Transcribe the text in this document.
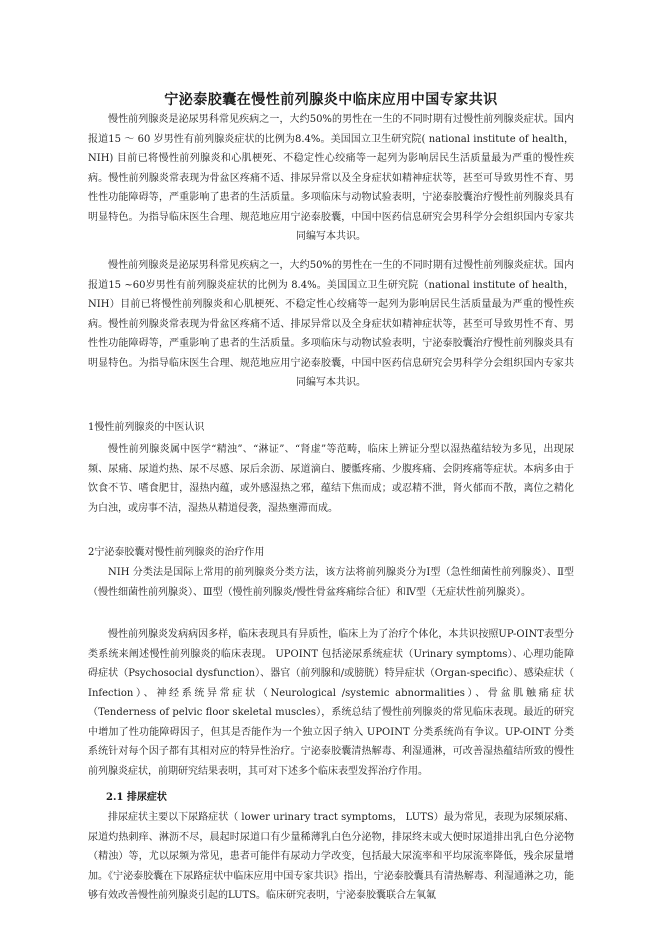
宁泌泰胶囊在慢性前列腺炎中临床应用中国专家共识

慢性前列腺炎是泌尿男科常见疾病之一，大约50%的男性在一生的不同时期有过慢性前列腺炎症状。国内报道15 ～ 60 岁男性有前列腺炎症状的比例为8.4%。美国国立卫生研究院( national institute of health，NIH) 目前已将慢性前列腺炎和心肌梗死、不稳定性心绞痛等一起列为影响居民生活质量最为严重的慢性疾病。慢性前列腺炎常表现为骨盆区疼痛不适、排尿异常以及全身症状如精神症状等，甚至可导致男性不育、男性性功能障碍等，严重影响了患者的生活质量。多项临床与动物试验表明，宁泌泰胶囊治疗慢性前列腺炎具有明显特色。为指导临床医生合理、规范地应用宁泌泰胶囊，中国中医药信息研究会男科学分会组织国内专家共同编写本共识。

慢性前列腺炎是泌尿男科常见疾病之一，大约50%的男性在一生的不同时期有过慢性前列腺炎症状。国内报道15 ~60岁男性有前列腺炎症状的比例为 8.4%。美国国立卫生研究院（national institute of health，NIH）目前已将慢性前列腺炎和心肌梗死、不稳定性心绞痛等一起列为影响居民生活质量最为严重的慢性疾病。慢性前列腺炎常表现为骨盆区疼痛不适、排尿异常以及全身症状如精神症状等，甚至可导致男性不育、男性性功能障碍等，严重影响了患者的生活质量。多项临床与动物试验表明，宁泌泰胶囊治疗慢性前列腺炎具有明显特色。为指导临床医生合理、规范地应用宁泌泰胶囊，中国中医药信息研究会男科学分会组织国内专家共同编写本共识。

1慢性前列腺炎的中医认识

慢性前列腺炎属中医学“精浊”、“淋证”、“肾虚”等范畴，临床上辨证分型以湿热蕴结较为多见，出现尿频、尿痛、尿道灼热、尿不尽感、尿后余沥、尿道滴白、腰骶疼痛、少腹疼痛、会阴疼痛等症状。本病多由于饮食不节、嗜食肥甘，湿热内蕴，或外感湿热之邪，蕴结下焦而成；或忍精不泄，肾火郁而不散，离位之精化为白浊，或房事不洁，湿热从精道侵袭，湿热壅滞而成。

2宁泌泰胶囊对慢性前列腺炎的治疗作用

NIH 分类法是国际上常用的前列腺炎分类方法，该方法将前列腺炎分为Ⅰ型（急性细菌性前列腺炎）、Ⅱ型（慢性细菌性前列腺炎）、Ⅲ型（慢性前列腺炎/慢性骨盆疼痛综合征）和Ⅳ型（无症状性前列腺炎）。

慢性前列腺炎发病病因多样，临床表现具有异质性，临床上为了治疗个体化，本共识按照UP-OINT表型分类系统来阐述慢性前列腺炎的临床表现。 UPOINT 包括泌尿系统症状（Urinary symptoms）、心理功能障碍症状（Psychosocial dysfunction）、器官（前列腺和/或膀胱）特异症状（Organ-specific）、感染症状（ Infection）、神经系统异常症状（Neurological /systemic abnormalities）、骨盆肌触痛症状（Tenderness of pelvic floor skeletal muscles），系统总结了慢性前列腺炎的常见临床表现。最近的研究中增加了性功能障碍因子，但其是否能作为一个独立因子纳入 UPOINT 分类系统尚有争议。UP-OINT 分类系统针对每个因子都有其相对应的特异性治疗。宁泌泰胶囊清热解毒、利湿通淋，可改善湿热蕴结所致的慢性前列腺炎症状，前期研究结果表明，其可对下述多个临床表型发挥治疗作用。

2.1 排尿症状

排尿症状主要以下尿路症状（ lower urinary tract symptoms， LUTS）最为常见，表现为尿频尿痛、尿道灼热刺痒、淋沥不尽，晨起时尿道口有少量稀薄乳白色分泌物，排尿终末或大便时尿道排出乳白色分泌物（精浊）等，尤以尿频为常见，患者可能伴有尿动力学改变，包括最大尿流率和平均尿流率降低，残余尿量增加。《宁泌泰胶囊在下尿路症状中临床应用中国专家共识》指出，宁泌泰胶囊具有清热解毒、利湿通淋之功，能够有效改善慢性前列腺炎引起的LUTS。临床研究表明，宁泌泰胶囊联合左氧氟
